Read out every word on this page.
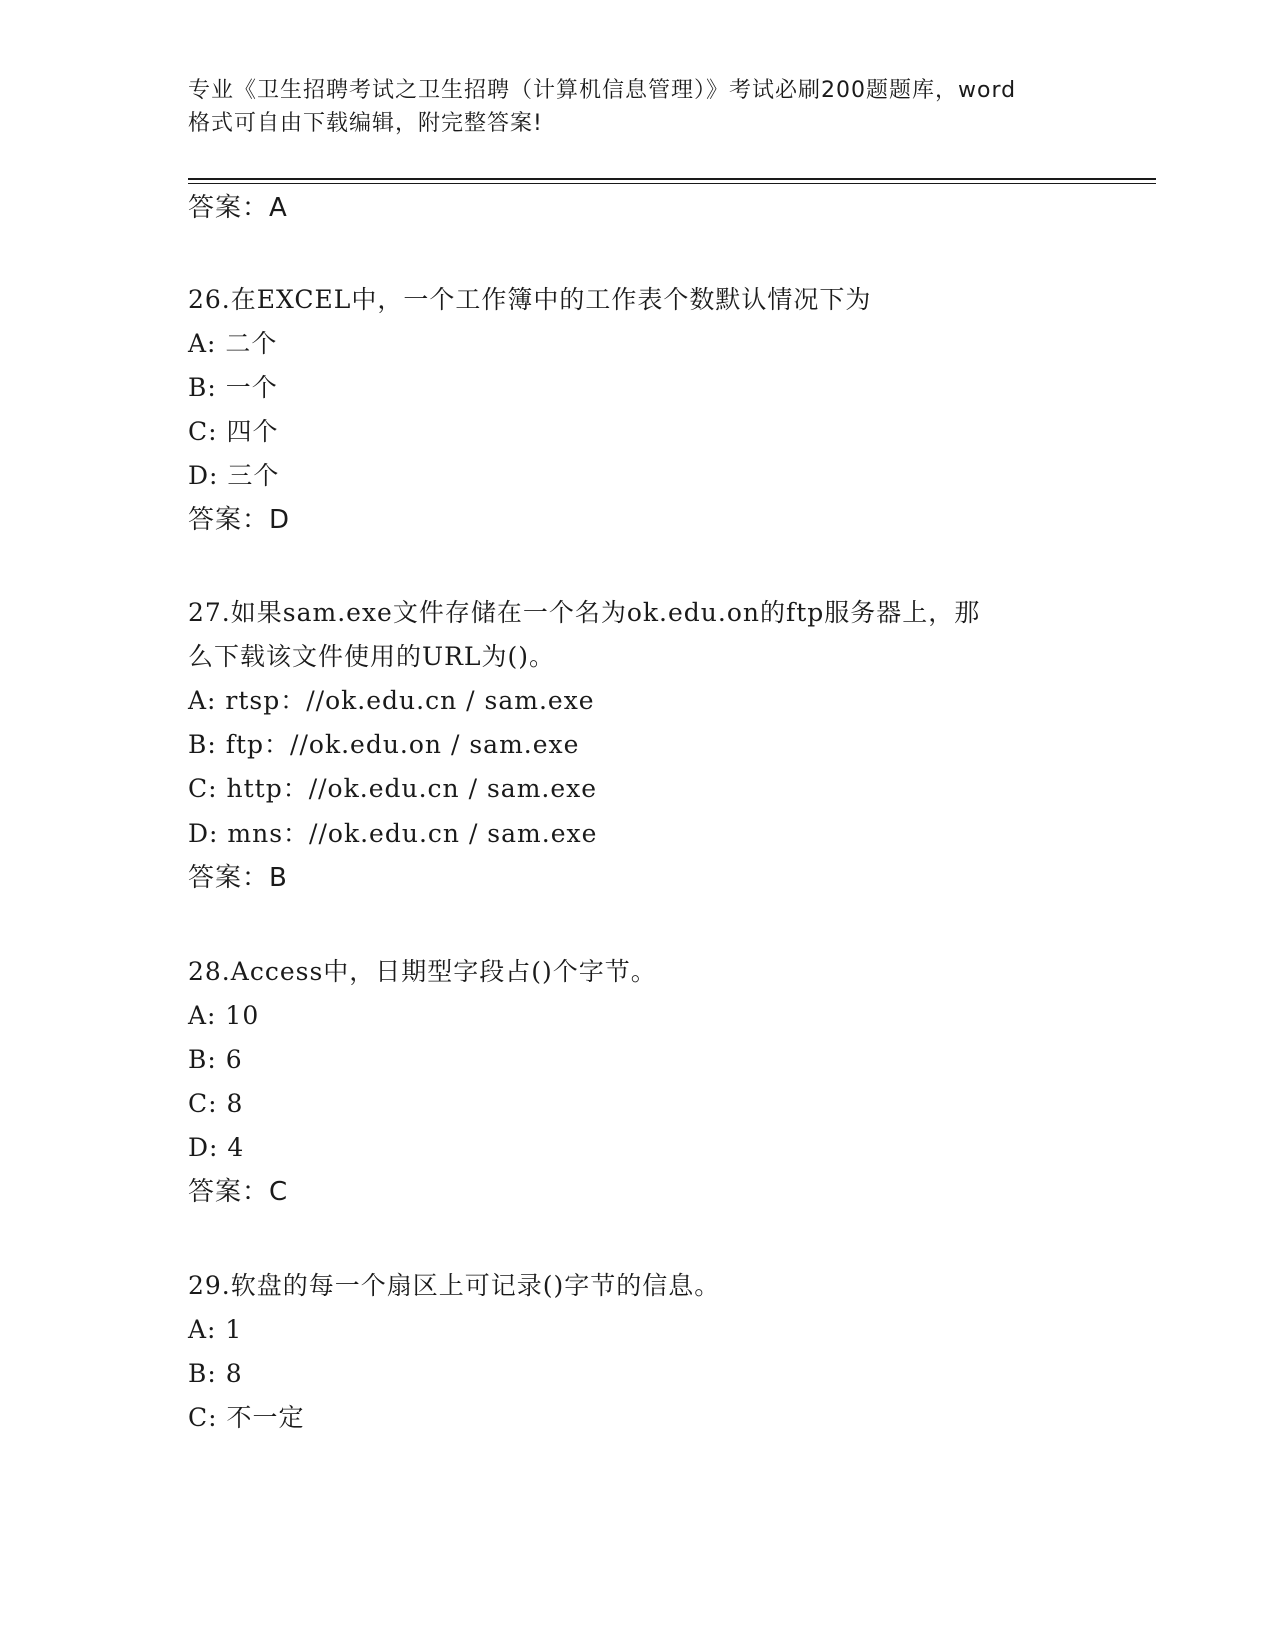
专业《卫生招聘考试之卫生招聘（计算机信息管理）》考试必刷200题题库，word
格式可自由下载编辑，附完整答案!
答案：A
26.在EXCEL中，一个工作簿中的工作表个数默认情况下为
A: 二个
B: 一个
C: 四个
D: 三个
答案：D
27.如果sam.exe文件存储在一个名为ok.edu.on的ftp服务器上，那
么下载该文件使用的URL为()。
A: rtsp：//ok.edu.cn / sam.exe
B: ftp：//ok.edu.on / sam.exe
C: http：//ok.edu.cn / sam.exe
D: mns：//ok.edu.cn / sam.exe
答案：B
28.Access中，日期型字段占()个字节。
A: 10
B: 6
C: 8
D: 4
答案：C
29.软盘的每一个扇区上可记录()字节的信息。
A: 1
B: 8
C: 不一定
